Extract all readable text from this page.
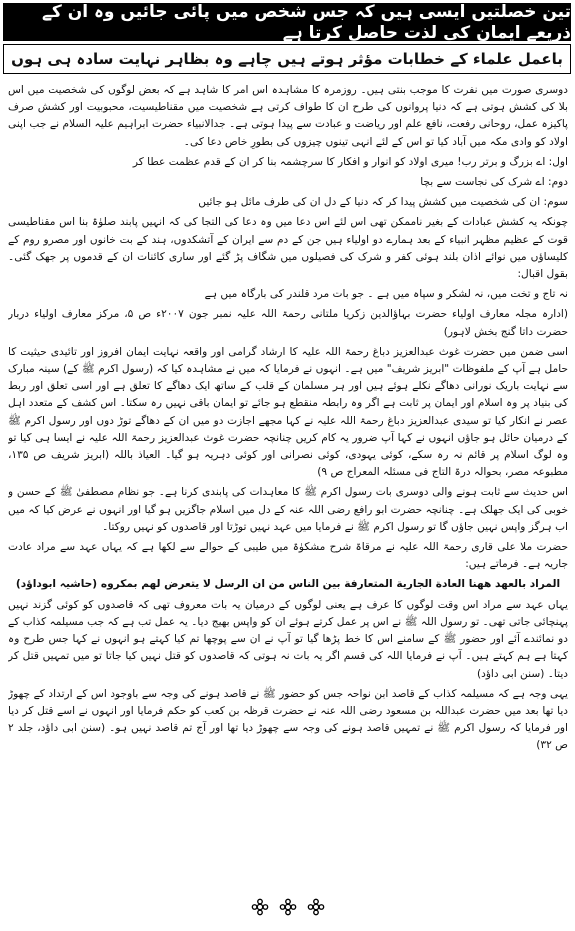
تین خصلتیں ایسی ہیں کہ جس شخص میں پائی جائیں وہ ان کے ذریعے ایمان کی لذت حاصل کرتا ہے
باعمل علماء کے خطابات مؤثر ہوتے ہیں چاہے وہ بظاہر نہایت سادہ ہی ہوں

دوسری صورت میں نفرت کا موجب بنتی ہیں۔ روزمرہ کا مشاہدہ اس امر کا شاہد ہے کہ بعض لوگوں کی شخصیت میں اس بلا کی کشش ہوتی ہے کہ دنیا پروانوں کی طرح ان کا طواف کرتی ہے شخصیت میں مقناطیسیت، محبوبیت اور کشش صرف پاکیزہ عمل، روحانی رفعت، نافع علم اور ریاضت و عبادت سے پیدا ہوتی ہے۔ جدالانبیاء حضرت ابراہیم علیہ السلام نے جب اپنی اولاد کو وادی مکہ میں آباد کیا تو اس کے لئے انہی تینوں چیزوں کی بطورِ خاص دعا کی۔

اول: اے بزرگ و برتر رب! میری اولاد کو انوار و افکار کا سرچشمہ بنا کر ان کے قدم عظمت عطا کر

دوم: اے شرک کی نجاست سے بچا

سوم: ان کی شخصیت میں کشش پیدا کر کہ دنیا کے دل ان کی طرف مائل ہو جائیں

چونکہ یہ کشش عبادات کے بغیر ناممکن تھی اس لئے اس دعا میں وہ دعا کی التجا کی کہ انہیں پابند صلوٰۃ بنا اس مقناطیسی قوت کے عظیم مظہر انبیاء کے بعد ہمارے دو اولیاء ہیں جن کے دم سے ایران کے آتشکدوں، ہند کے بت خانوں اور مصرو روم کے کلیساؤں میں نوائے اذان بلند ہوئی کفر و شرک کی فصیلوں میں شگاف پڑ گئے اور ساری کائنات ان کے قدموں پر جھک گئی۔ بقول اقبال:

نہ تاج و تخت میں، نہ لشکر و سپاہ میں ہے ۔ جو بات مرد قلندر کی بارگاہ میں ہے

(ادارہ مجلہ معارف اولیاء حضرت بہاؤالدین زکریا ملتانی رحمۃ اللہ علیہ نمبر جون ۲۰۰۷ء ص ۵، مرکز معارف اولیاء دربار حضرت داتا گنج بخش لاہور)

اسی ضمن میں حضرت غوث عبدالعزیز دباغ رحمۃ اللہ علیہ کا ارشاد گرامی اور واقعہ نہایت ایمان افروز اور تائیدی حیثیت کا حامل ہے آپ کے ملفوظات "ابریز شریف" میں ہے۔ انہوں نے فرمایا کہ میں نے مشاہدہ کیا کہ (رسول اکرم ﷺ کے) سینہ مبارک سے نہایت باریک نورانی دھاگے نکلے ہوئے ہیں اور ہر مسلمان کے قلب کے ساتھ ایک دھاگے کا تعلق ہے اور اسی تعلق اور ربط کی بنیاد پر وہ اسلام اور ایمان پر ثابت ہے اگر وہ رابطہ منقطع ہو جائے تو ایمان باقی نہیں رہ سکتا۔ اس کشف کے متعدد اہل عصر نے انکار کیا تو سیدی عبدالعزیز دباغ رحمۃ اللہ علیہ نے کہا مجھے اجازت دو میں ان کے دھاگے توڑ دوں اور رسول اکرم ﷺ کے درمیان حائل ہو جاؤں انہوں نے کہا آپ ضرور یہ کام کریں چنانچہ حضرت غوث عبدالعزیز رحمۃ اللہ علیہ نے ایسا ہی کیا تو وہ لوگ اسلام پر قائم نہ رہ سکے، کوئی یہودی، کوئی نصرانی اور کوئی دہریہ ہو گیا۔ العیاذ باللہ (ابریز شریف ص ۱۳۵، مطبوعہ مصر، بحوالہ درۃ التاج فی مسئلہ المعراج ص ۹)

اس حدیث سے ثابت ہونے والی دوسری بات رسول اکرم ﷺ کا معاہدات کی پابندی کرنا ہے۔ جو نظام مصطفیٰ ﷺ کے حسن و خوبی کی ایک جھلک ہے۔ چنانچہ حضرت ابو رافع رضی اللہ عنہ کے دل میں اسلام جاگزیں ہو گیا اور انہوں نے عرض کیا کہ میں اب ہرگز واپس نہیں جاؤں گا تو رسول اکرم ﷺ نے فرمایا میں عہد نہیں توڑتا اور قاصدوں کو نہیں روکتا۔

حضرت ملا علی قاری رحمۃ اللہ علیہ نے مرقاۃ شرح مشکوٰۃ میں طیبی کے حوالے سے لکھا ہے کہ یہاں عہد سے مراد عادت جاریہ ہے۔ فرماتے ہیں:

المراد بالعهد ههنا العادة الجارية المتعارفة بين الناس من ان الرسل لا يتعرض لهم بمكروه (حاشیہ ابوداؤد)

یہاں عہد سے مراد اس وقت لوگوں کا عرف ہے یعنی لوگوں کے درمیان یہ بات معروف تھی کہ قاصدوں کو کوئی گزند نہیں پہنچائی جاتی تھی۔ تو رسول اللہ ﷺ نے اس پر عمل کرتے ہوئے ان کو واپس بھیج دیا۔ یہ عمل تب ہے کہ جب مسیلمہ کذاب کے دو نمائندے آئے اور حضور ﷺ کے سامنے اس کا خط پڑھا گیا تو آپ نے ان سے پوچھا تم کیا کہتے ہو انہوں نے کہا جس طرح وہ کہتا ہے ہم کہتے ہیں۔ آپ نے فرمایا اللہ کی قسم اگر یہ بات نہ ہوتی کہ قاصدوں کو قتل نہیں کیا جاتا تو میں تمہیں قتل کر دیتا۔ (سنن ابی داؤد)

یہی وجہ ہے کہ مسیلمہ کذاب کے قاصد ابن نواحہ جس کو حضور ﷺ نے قاصد ہونے کی وجہ سے باوجود اس کے ارتداد کے چھوڑ دیا تھا بعد میں حضرت عبداللہ بن مسعود رضی اللہ عنہ نے حضرت قرظہ بن کعب کو حکم فرمایا اور انہوں نے اسے قتل کر دیا اور فرمایا کہ رسول اکرم ﷺ نے تمہیں قاصد ہونے کی وجہ سے چھوڑ دیا تھا اور آج تم قاصد نہیں ہو۔ (سنن ابی داؤد، جلد ۲ ص ۳۲)
